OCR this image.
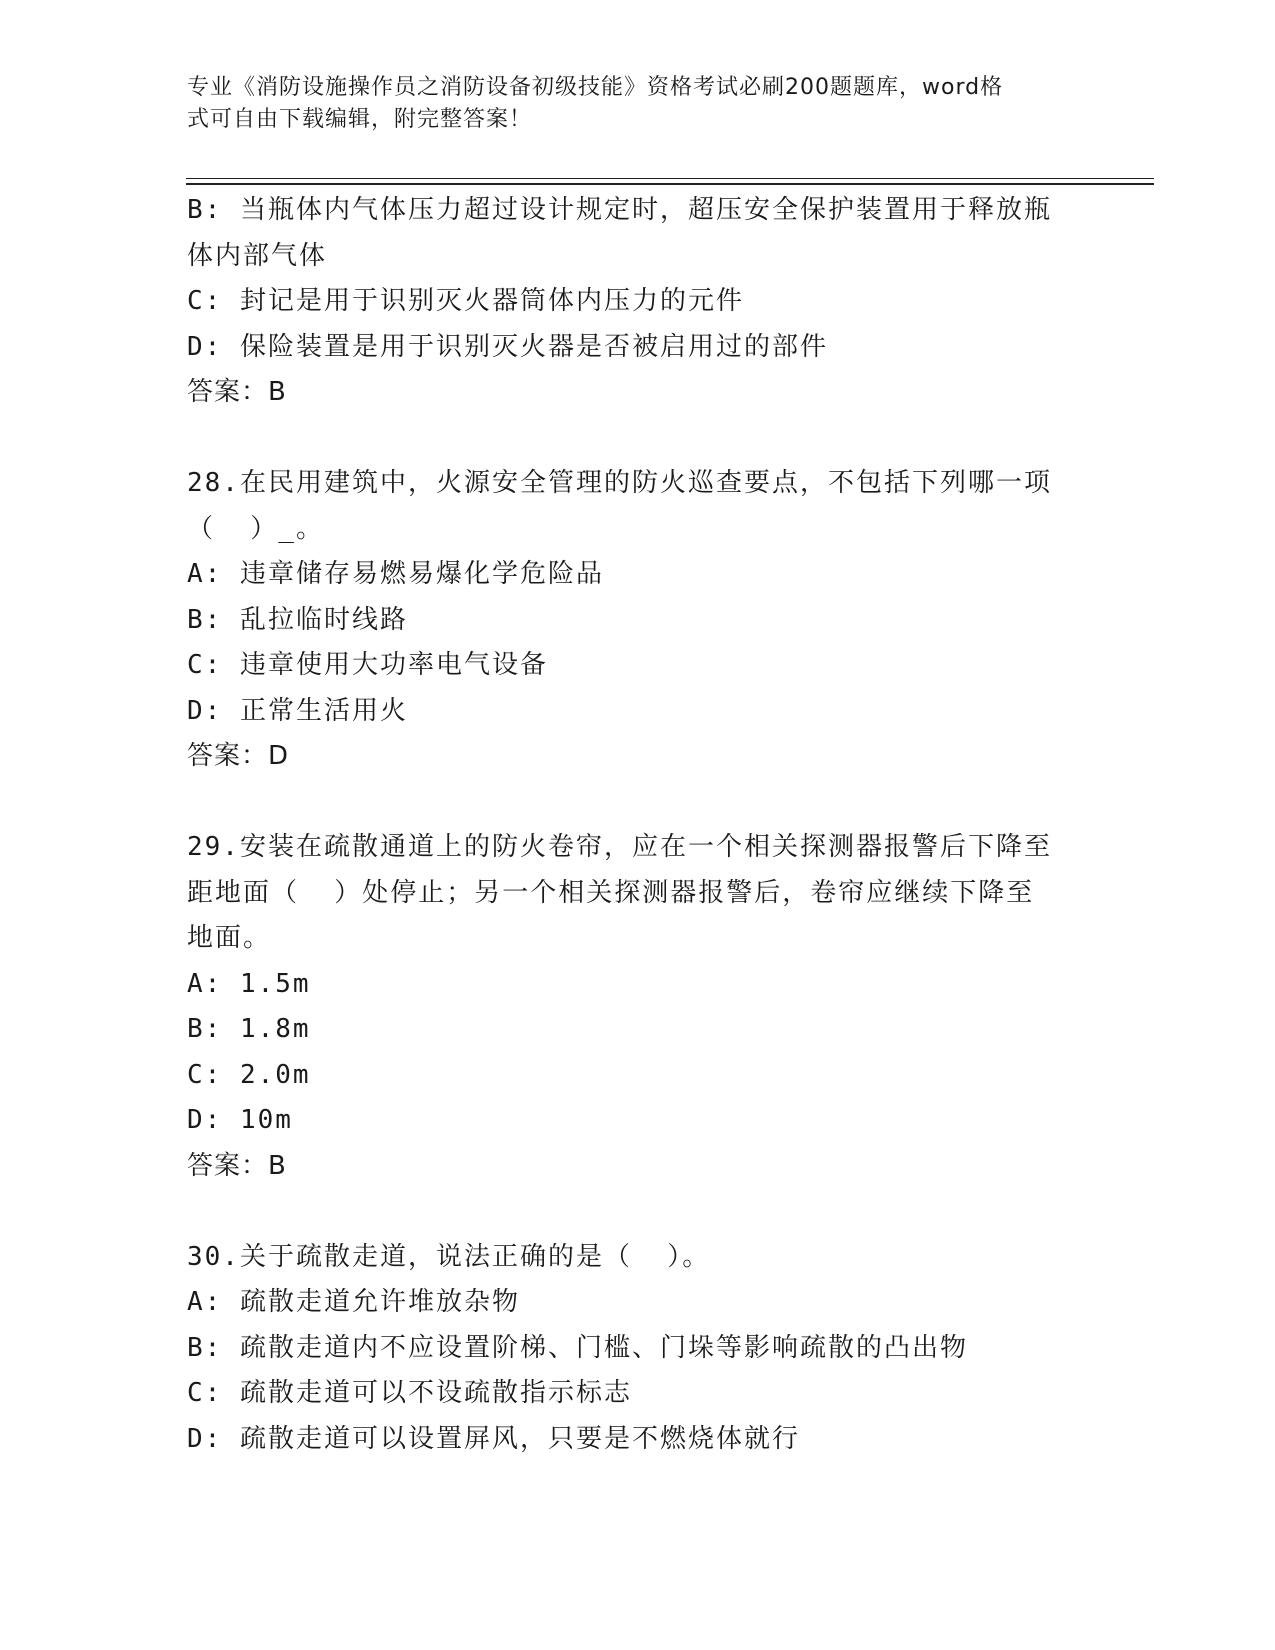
专业《消防设施操作员之消防设备初级技能》资格考试必刷200题题库，word格
式可自由下载编辑，附完整答案！
B: 当瓶体内气体压力超过设计规定时，超压安全保护装置用于释放瓶
体内部气体
C: 封记是用于识别灭火器筒体内压力的元件
D: 保险装置是用于识别灭火器是否被启用过的部件
答案：B
28.在民用建筑中，火源安全管理的防火巡查要点，不包括下列哪一项
（  ）_。
A: 违章储存易燃易爆化学危险品
B: 乱拉临时线路
C: 违章使用大功率电气设备
D: 正常生活用火
答案：D
29.安装在疏散通道上的防火卷帘，应在一个相关探测器报警后下降至
距地面（  ）处停止；另一个相关探测器报警后，卷帘应继续下降至
地面。
A: 1.5m
B: 1.8m
C: 2.0m
D: 10m
答案：B
30.关于疏散走道，说法正确的是（  ）。
A: 疏散走道允许堆放杂物
B: 疏散走道内不应设置阶梯、门槛、门垛等影响疏散的凸出物
C: 疏散走道可以不设疏散指示标志
D: 疏散走道可以设置屏风，只要是不燃烧体就行
